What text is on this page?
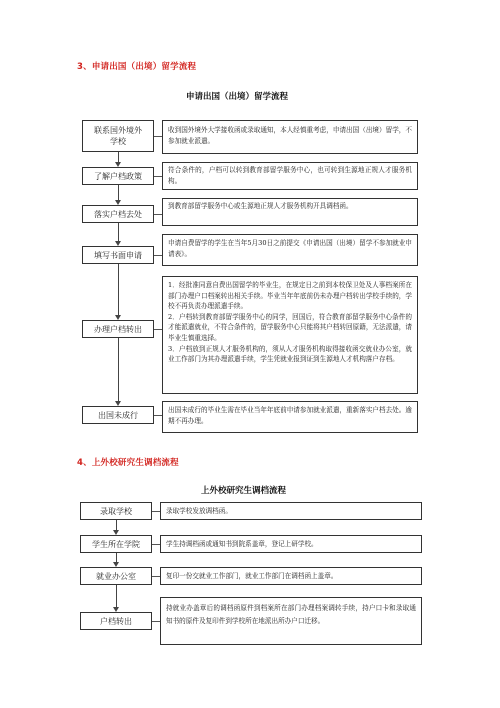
3、申请出国（出境）留学流程
申请出国（出境）留学流程
联系国外境外学校
了解户档政策
落实户档去处
填写书面申请
办理户档转出
出国未成行

收到国外境外大学接收函或录取通知，本人经慎重考虑，申请出国（出境）留学，不参加就业派遣。

符合条件的，户档可以转到教育部留学服务中心，也可转到生源地正规人才服务机构。

到教育部留学服务中心或生源地正规人才服务机构开具调档函。

申请自费留学的学生在当年5月30日之前提交《申请出国（出境）留学不参加就业申请表》。

1．经批准同意自费出国留学的毕业生，在规定日之前到本校保卫处及人事档案所在部门办理户口档案转出相关手续。毕业当年年底前仍未办理户档转出学校手续的，学校不再负责办理派遣手续。

2．户档转到教育部留学服务中心的同学，回国后，符合教育部留学服务中心条件的才能派遣就业，不符合条件的，留学服务中心只能将其户档转回原籍，无法派遣，请毕业生慎重选择。

3．户档放到正规人才服务机构的，须从人才服务机构取得接收函交就业办公室，就业工作部门为其办理派遣手续，学生凭就业报到证到生源地人才机构落户存档。

出国未成行的毕业生需在毕业当年年底前申请参加就业派遣，重新落实户档去处。逾期不再办理。

4、上外校研究生调档流程
上外校研究生调档流程
录取学校
学生所在学院
就业办公室
户档转出

录取学校发放调档函。

学生持调档函或通知书到院系盖章，登记上研学校。

复印一份交就业工作部门，就业工作部门在调档函上盖章。

持就业办盖章后的调档函原件到档案所在部门办理档案调转手续，持户口卡和录取通知书的原件及复印件到学校所在地派出所办户口迁移。
